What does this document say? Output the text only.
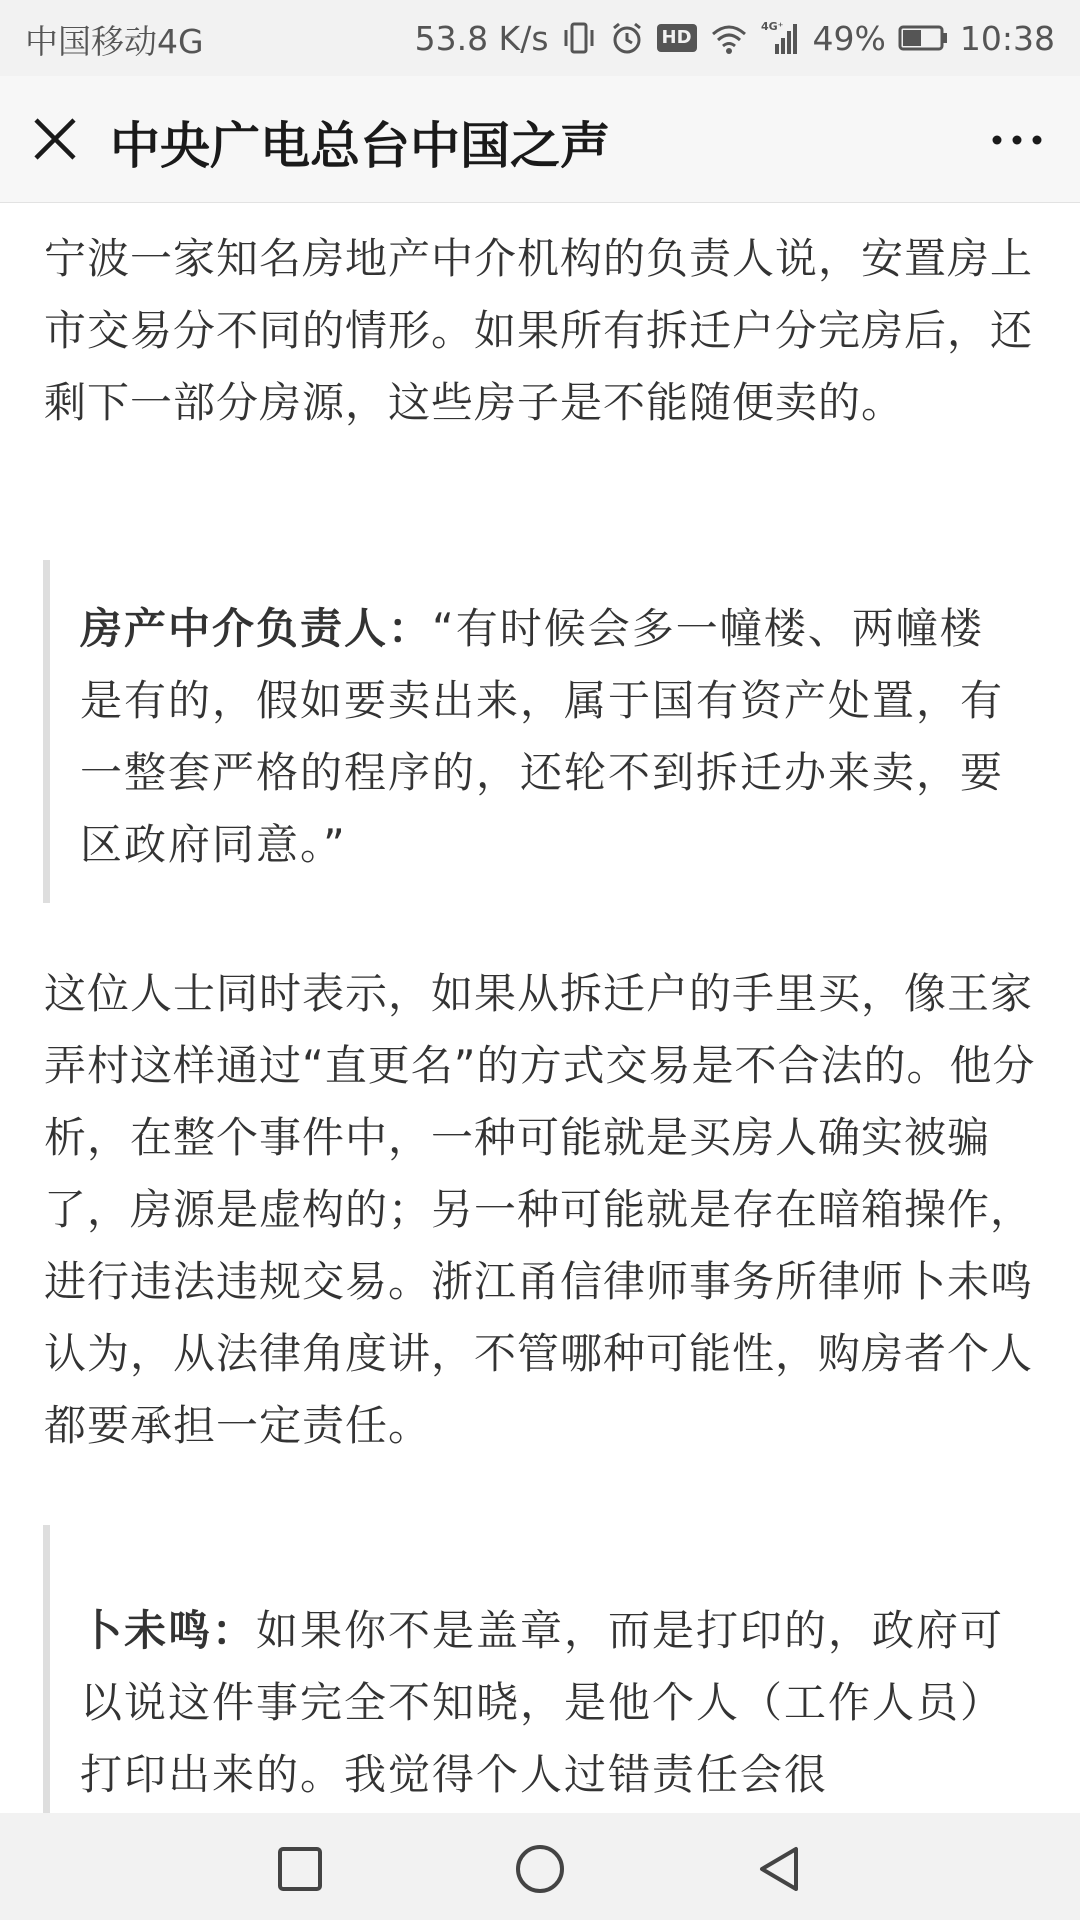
中国移动4G	53.8 K/s	HD
4G⁺ 49% 10:38
中央广电总台中国之声

宁波一家知名房地产中介机构的负责人说，安置房上市交易分不同的情形。如果所有拆迁户分完房后，还剩下一部分房源，这些房子是不能随便卖的。

房产中介负责人：“有时候会多一幢楼、两幢楼是有的，假如要卖出来，属于国有资产处置，有一整套严格的程序的，还轮不到拆迁办来卖，要区政府同意。”

这位人士同时表示，如果从拆迁户的手里买，像王家弄村这样通过“直更名”的方式交易是不合法的。他分析，在整个事件中，一种可能就是买房人确实被骗了，房源是虚构的；另一种可能就是存在暗箱操作，进行违法违规交易。浙江甬信律师事务所律师卜未鸣认为，从法律角度讲，不管哪种可能性，购房者个人都要承担一定责任。

卜未鸣：如果你不是盖章，而是打印的，政府可以说这件事完全不知晓，是他个人（工作人员）打印出来的。我觉得个人过错责任会很
